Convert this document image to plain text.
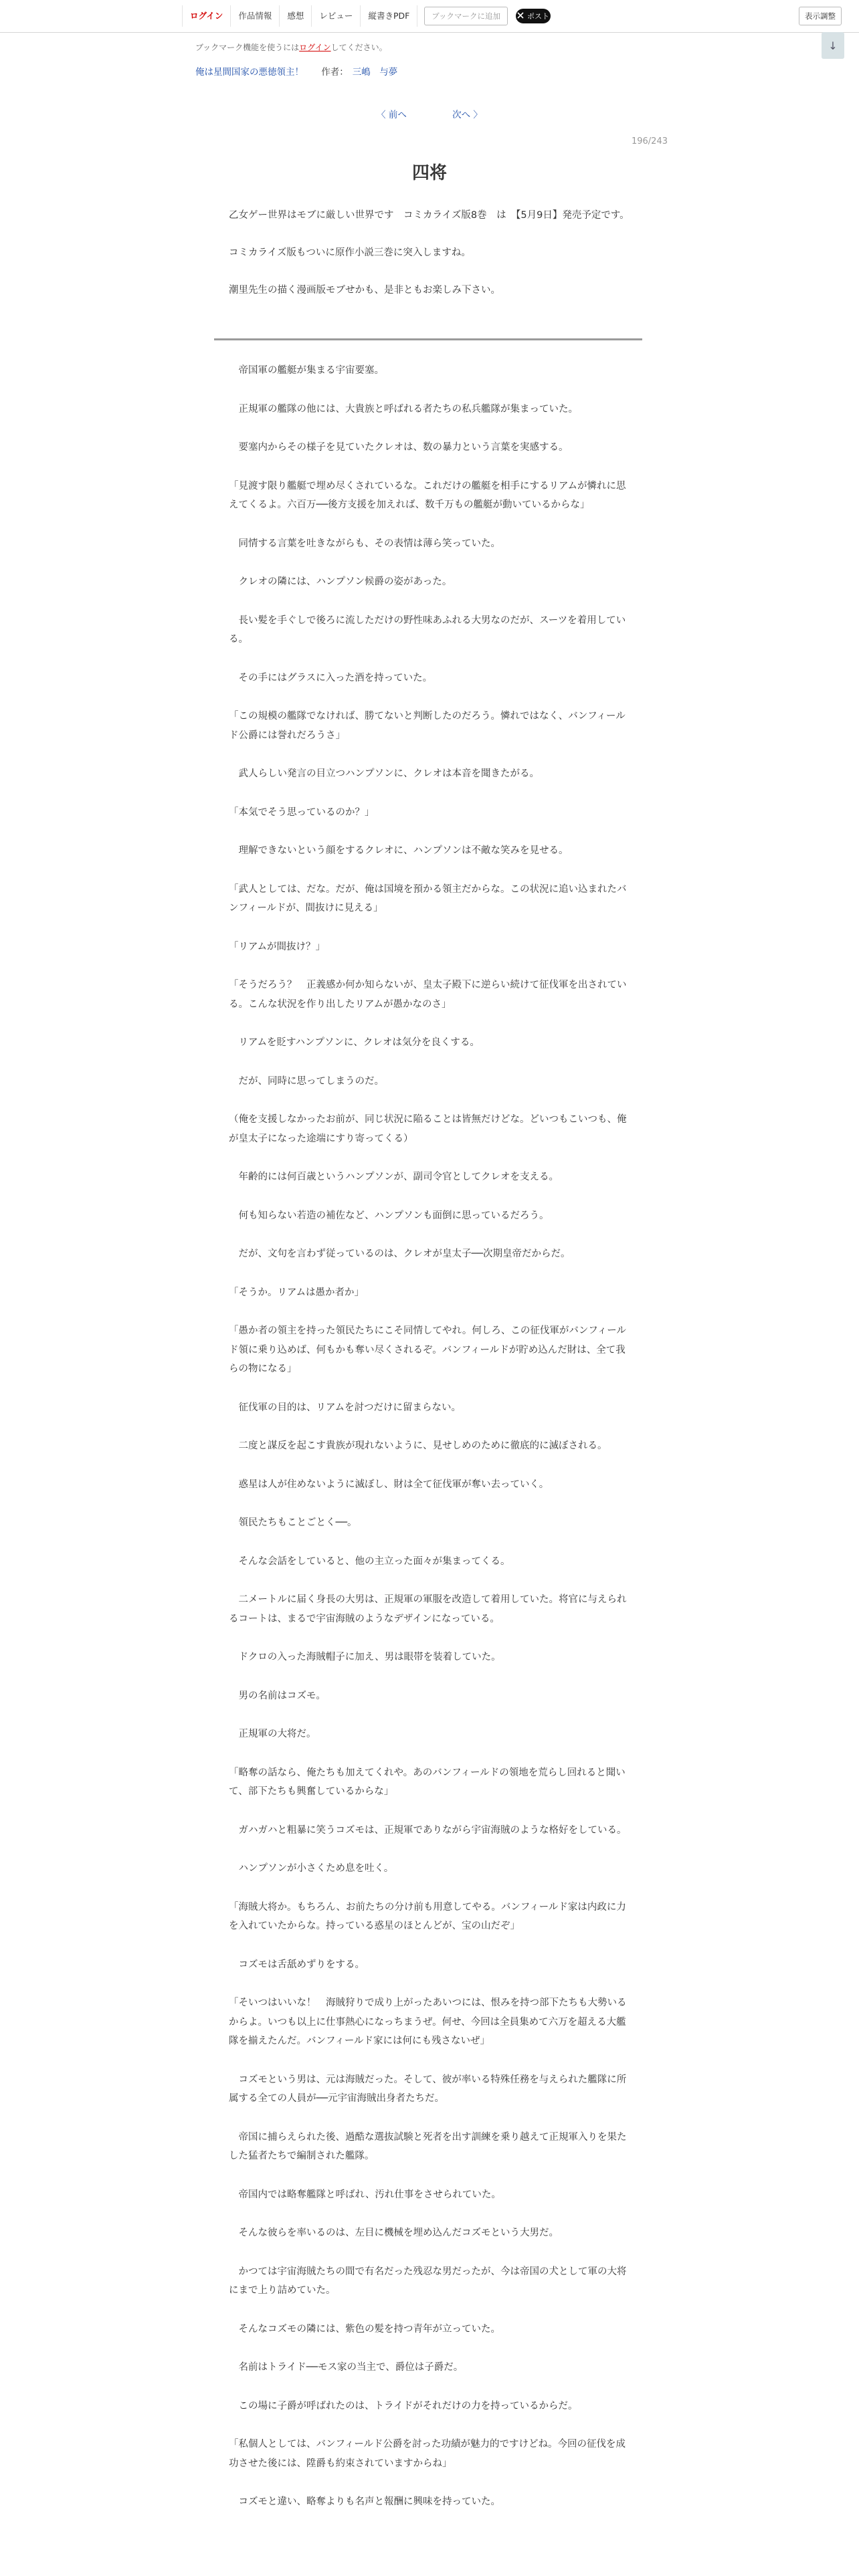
ログイン	作品情報	感想	レビュー	縦書きPDF	ブックマークに追加	ポスト	表示調整
↓
ブックマーク機能を使うにはログインしてください。
俺は星間国家の悪徳領主！ 作者： 三嶋　与夢
〈 前へ	次へ 〉
196/243
四将

乙女ゲー世界はモブに厳しい世界です　コミカライズ版8巻　は　【5月9日】発売予定です。

コミカライズ版もついに原作小説三巻に突入しますね。

潮里先生の描く漫画版モブせかも、是非ともお楽しみ下さい。

　帝国軍の艦艇が集まる宇宙要塞。

　正規軍の艦隊の他には、大貴族と呼ばれる者たちの私兵艦隊が集まっていた。

　要塞内からその様子を見ていたクレオは、数の暴力という言葉を実感する。

「見渡す限り艦艇で埋め尽くされているな。これだけの艦艇を相手にするリアムが憐れに思えてくるよ。六百万──後方支援を加えれば、数千万もの艦艇が動いているからな」

　同情する言葉を吐きながらも、その表情は薄ら笑っていた。

　クレオの隣には、ハンプソン候爵の姿があった。

　長い髪を手ぐしで後ろに流しただけの野性味あふれる大男なのだが、スーツを着用している。

　その手にはグラスに入った酒を持っていた。

「この規模の艦隊でなければ、勝てないと判断したのだろう。憐れではなく、バンフィールド公爵には誉れだろうさ」

　武人らしい発言の目立つハンプソンに、クレオは本音を聞きたがる。

「本気でそう思っているのか？」

　理解できないという顔をするクレオに、ハンプソンは不敵な笑みを見せる。

「武人としては、だな。だが、俺は国境を預かる領主だからな。この状況に追い込まれたバンフィールドが、間抜けに見える」

「リアムが間抜け？」

「そうだろう？　正義感か何か知らないが、皇太子殿下に逆らい続けて征伐軍を出されている。こんな状況を作り出したリアムが愚かなのさ」

　リアムを貶すハンプソンに、クレオは気分を良くする。

　だが、同時に思ってしまうのだ。

（俺を支援しなかったお前が、同じ状況に陥ることは皆無だけどな。どいつもこいつも、俺が皇太子になった途端にすり寄ってくる）

　年齢的には何百歳というハンプソンが、副司令官としてクレオを支える。

　何も知らない若造の補佐など、ハンプソンも面倒に思っているだろう。

　だが、文句を言わず従っているのは、クレオが皇太子──次期皇帝だからだ。

「そうか。リアムは愚か者か」

「愚か者の領主を持った領民たちにこそ同情してやれ。何しろ、この征伐軍がバンフィールド領に乗り込めば、何もかも奪い尽くされるぞ。バンフィールドが貯め込んだ財は、全て我らの物になる」

　征伐軍の目的は、リアムを討つだけに留まらない。

　二度と謀反を起こす貴族が現れないように、見せしめのために徹底的に滅ぼされる。

　惑星は人が住めないように滅ぼし、財は全て征伐軍が奪い去っていく。

　領民たちもことごとく──。

　そんな会話をしていると、他の主立った面々が集まってくる。

　二メートルに届く身長の大男は、正規軍の軍服を改造して着用していた。将官に与えられるコートは、まるで宇宙海賊のようなデザインになっている。

　ドクロの入った海賊帽子に加え、男は眼帯を装着していた。

　男の名前はコズモ。

　正規軍の大将だ。

「略奪の話なら、俺たちも加えてくれや。あのバンフィールドの領地を荒らし回れると聞いて、部下たちも興奮しているからな」

　ガハガハと粗暴に笑うコズモは、正規軍でありながら宇宙海賊のような格好をしている。

　ハンプソンが小さくため息を吐く。

「海賊大将か。もちろん、お前たちの分け前も用意してやる。バンフィールド家は内政に力を入れていたからな。持っている惑星のほとんどが、宝の山だぞ」

　コズモは舌舐めずりをする。

「そいつはいいな！　海賊狩りで成り上がったあいつには、恨みを持つ部下たちも大勢いるからよ。いつも以上に仕事熱心になっちまうぜ。何せ、今回は全員集めて六万を超える大艦隊を揃えたんだ。バンフィールド家には何にも残さないぜ」

　コズモという男は、元は海賊だった。そして、彼が率いる特殊任務を与えられた艦隊に所属する全ての人員が──元宇宙海賊出身者たちだ。

　帝国に捕らえられた後、過酷な選抜試験と死者を出す訓練を乗り越えて正規軍入りを果たした猛者たちで編制された艦隊。

　帝国内では略奪艦隊と呼ばれ、汚れ仕事をさせられていた。

　そんな彼らを率いるのは、左目に機械を埋め込んだコズモという大男だ。

　かつては宇宙海賊たちの間で有名だった残忍な男だったが、今は帝国の犬として軍の大将にまで上り詰めていた。

　そんなコズモの隣には、紫色の髪を持つ青年が立っていた。

　名前はトライド──モス家の当主で、爵位は子爵だ。

　この場に子爵が呼ばれたのは、トライドがそれだけの力を持っているからだ。

「私個人としては、バンフィールド公爵を討った功績が魅力的ですけどね。今回の征伐を成功させた後には、陞爵も約束されていますからね」

　コズモと違い、略奪よりも名声と報酬に興味を持っていた。
